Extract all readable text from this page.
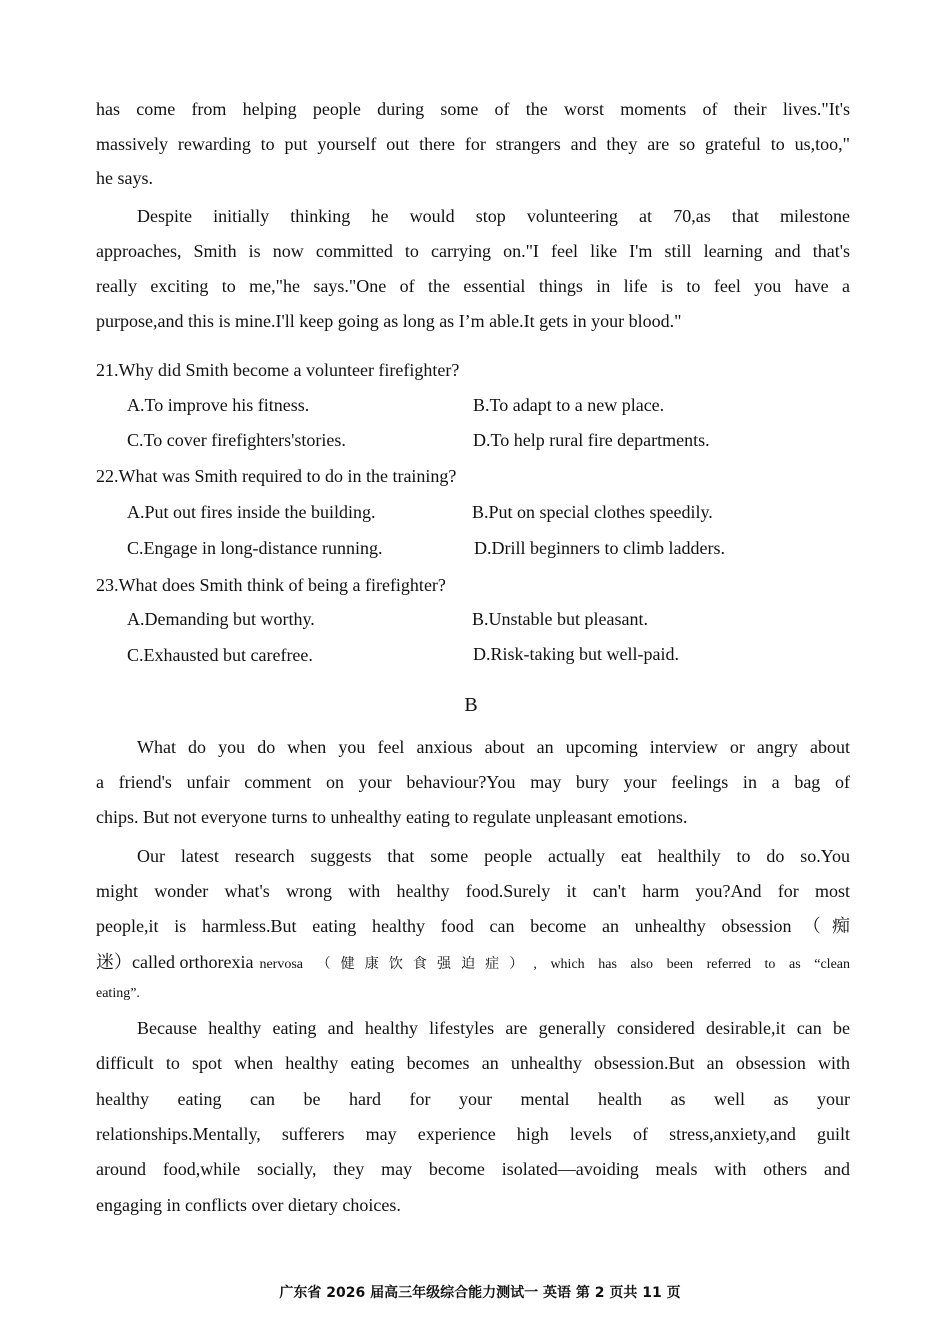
has come from helping people during some of the worst moments of their lives."It's
massively rewarding to put yourself out there for strangers and they are so grateful to us,too,"
he says.
Despite initially thinking he would stop volunteering at 70,as that milestone
approaches, Smith is now committed to carrying on."I feel like I'm still learning and that's
really exciting to me,"he says."One of the essential things in life is to feel you have a
purpose,and this is mine.I'll keep going as long as I’m able.It gets in your blood."
21.Why did Smith become a volunteer firefighter?
A.To improve his fitness.	B.To adapt to a new place.
C.To cover firefighters'stories.	D.To help rural fire departments.
22.What was Smith required to do in the training?
A.Put out fires inside the building.	B.Put on special clothes speedily.
C.Engage in long-distance running.	D.Drill beginners to climb ladders.
23.What does Smith think of being a firefighter?
A.Demanding but worthy.	B.Unstable but pleasant.
C.Exhausted but carefree.	D.Risk-taking but well-paid.
B
What do you do when you feel anxious about an upcoming interview or angry about
a friend's unfair comment on your behaviour?You may bury your feelings in a bag of
chips. But not everyone turns to unhealthy eating to regulate unpleasant emotions.
Our latest research suggests that some people actually eat healthily to do so.You
might wonder what's wrong with healthy food.Surely it can't harm you?And for most
people,it is harmless.But eating healthy food can become an unhealthy obsession（痴
迷）called orthorexia nervosa （健康饮食强迫症）, which has also been referred to as “clean
eating”.
Because healthy eating and healthy lifestyles are generally considered desirable,it can be
difficult to spot when healthy eating becomes an unhealthy obsession.But an obsession with
healthy eating can be hard for your mental health as well as your
relationships.Mentally, sufferers may experience high levels of stress,anxiety,and guilt
around food,while socially, they may become isolated—avoiding meals with others and
engaging in conflicts over dietary choices.
广东省 2026 届高三年级综合能力测试一 英语 第 2 页共 11 页
